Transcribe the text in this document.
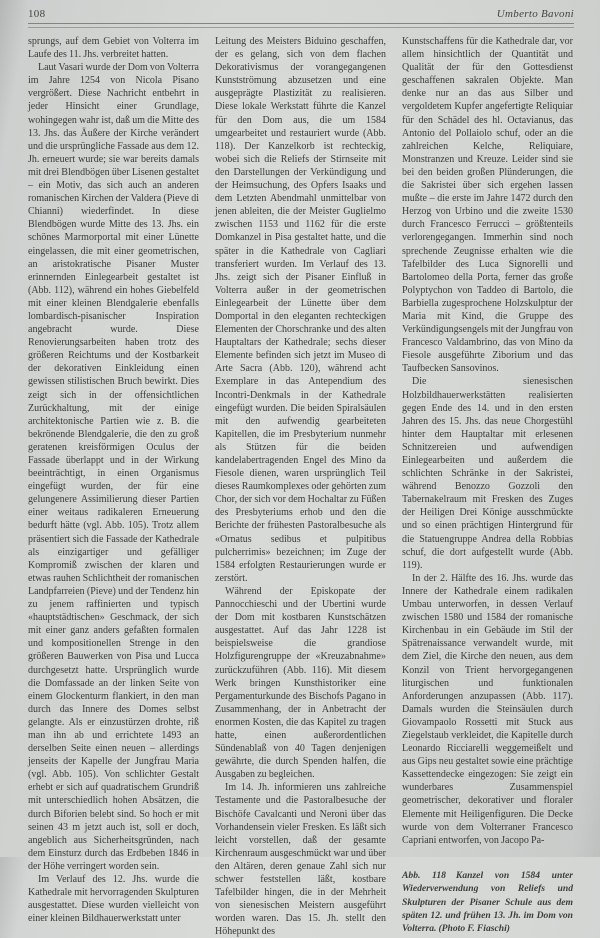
108	Umberto Bavoni

sprungs, auf dem Gebiet von Volterra im Laufe des 11. Jhs. verbreitet hatten.

Laut Vasari wurde der Dom von Volterra im Jahre 1254 von Nicola Pisano vergrößert. Diese Nachricht entbehrt in jeder Hinsicht einer Grundlage, wohingegen wahr ist, daß um die Mitte des 13. Jhs. das Äußere der Kirche verändert und die ursprüngliche Fassade aus dem 12. Jh. erneuert wurde; sie war bereits damals mit drei Blendbögen über Lisenen gestaltet – ein Motiv, das sich auch an anderen romanischen Kirchen der Valdera (Pieve di Chianni) wiederfindet. In diese Blendbögen wurde Mitte des 13. Jhs. ein schönes Marmorportal mit einer Lünette eingelassen, die mit einer geometrischen, an aristokratische Pisaner Muster erinnernden Einlegearbeit gestaltet ist (Abb. 112), während ein hohes Giebelfeld mit einer kleinen Blendgalerie ebenfalls lombardisch-pisanischer Inspiration angebracht wurde. Diese Renovierungsarbeiten haben trotz des größeren Reichtums und der Kostbarkeit der dekorativen Einkleidung einen gewissen stilistischen Bruch bewirkt. Dies zeigt sich in der offensichtlichen Zurückhaltung, mit der einige architektonische Partien wie z. B. die bekrönende Blendgalerie, die den zu groß geratenen kreisförmigen Oculus der Fassade überlappt und in der Wirkung beeinträchtigt, in einen Organismus eingefügt wurden, der für eine gelungenere Assimilierung dieser Partien einer weitaus radikaleren Erneuerung bedurft hätte (vgl. Abb. 105). Trotz allem präsentiert sich die Fassade der Kathedrale als einzigartiger und gefälliger Kompromiß zwischen der klaren und etwas rauhen Schlichtheit der romanischen Landpfarreien (Pieve) und der Tendenz hin zu jenem raffinierten und typisch «hauptstädtischen» Geschmack, der sich mit einer ganz anders gefaßten formalen und kompositionellen Strenge in den größeren Bauwerken von Pisa und Lucca durchgesetzt hatte. Ursprünglich wurde die Domfassade an der linken Seite von einem Glockenturm flankiert, in den man durch das Innere des Domes selbst gelangte. Als er einzustürzen drohte, riß man ihn ab und errichtete 1493 an derselben Seite einen neuen – allerdings jenseits der Kapelle der Jungfrau Maria (vgl. Abb. 105). Von schlichter Gestalt erhebt er sich auf quadratischem Grundriß mit unterschiedlich hohen Absätzen, die durch Biforien belebt sind. So hoch er mit seinen 43 m jetzt auch ist, soll er doch, angeblich aus Sicherheitsgründen, nach dem Einsturz durch das Erdbeben 1846 in der Höhe verringert worden sein.

Im Verlauf des 12. Jhs. wurde die Kathedrale mit hervorragenden Skulpturen ausgestattet. Diese wurden vielleicht von einer kleinen Bildhauerwerkstatt unter

Leitung des Meisters Biduino geschaffen, der es gelang, sich von dem flachen Dekorativismus der vorangegangenen Kunstströmung abzusetzen und eine ausgeprägte Plastizität zu realisieren. Diese lokale Werkstatt führte die Kanzel für den Dom aus, die um 1584 umgearbeitet und restauriert wurde (Abb. 118). Der Kanzelkorb ist rechteckig, wobei sich die Reliefs der Stirnseite mit den Darstellungen der Verkündigung und der Heimsuchung, des Opfers Isaaks und dem Letzten Abendmahl unmittelbar von jenen ableiten, die der Meister Guglielmo zwischen 1153 und 1162 für die erste Domkanzel in Pisa gestaltet hatte, und die später in die Kathedrale von Cagliari transferiert wurden. Im Verlauf des 13. Jhs. zeigt sich der Pisaner Einfluß in Volterra außer in der geometrischen Einlegearbeit der Lünette über dem Domportal in den eleganten rechteckigen Elementen der Chorschranke und des alten Hauptaltars der Kathedrale; sechs dieser Elemente befinden sich jetzt im Museo di Arte Sacra (Abb. 120), während acht Exemplare in das Antependium des Incontri-Denkmals in der Kathedrale eingefügt wurden. Die beiden Spiralsäulen mit den aufwendig gearbeiteten Kapitellen, die im Presbyterium nunmehr als Stützen für die beiden kandelabertragenden Engel des Mino da Fiesole dienen, waren ursprünglich Teil dieses Raumkomplexes oder gehörten zum Chor, der sich vor dem Hochaltar zu Füßen des Presbyteriums erhob und den die Berichte der frühesten Pastoralbesuche als «Ornatus sedibus et pulpitibus pulcherrimis» bezeichnen; im Zuge der 1584 erfolgten Restaurierungen wurde er zerstört.

Während der Episkopate der Pannocchieschi und der Ubertini wurde der Dom mit kostbaren Kunstschätzen ausgestattet. Auf das Jahr 1228 ist beispielsweise die grandiose Holzfigurengruppe der «Kreuzabnahme» zurückzuführen (Abb. 116). Mit diesem Werk bringen Kunsthistoriker eine Pergamenturkunde des Bischofs Pagano in Zusammenhang, der in Anbetracht der enormen Kosten, die das Kapitel zu tragen hatte, einen außerordentlichen Sündenablaß von 40 Tagen denjenigen gewährte, die durch Spenden halfen, die Ausgaben zu begleichen.

Im 14. Jh. informieren uns zahlreiche Testamente und die Pastoralbesuche der Bischöfe Cavalcanti und Neroni über das Vorhandensein vieler Fresken. Es läßt sich leicht vorstellen, daß der gesamte Kirchenraum ausgeschmückt war und über den Altären, deren genaue Zahl sich nur schwer feststellen läßt, kostbare Tafelbilder hingen, die in der Mehrheit von sienesischen Meistern ausgeführt worden waren. Das 15. Jh. stellt den Höhepunkt des

Kunstschaffens für die Kathedrale dar, vor allem hinsichtlich der Quantität und Qualität der für den Gottesdienst geschaffenen sakralen Objekte. Man denke nur an das aus Silber und vergoldetem Kupfer angefertigte Reliquiar für den Schädel des hl. Octavianus, das Antonio del Pollaiolo schuf, oder an die zahlreichen Kelche, Reliquiare, Monstranzen und Kreuze. Leider sind sie bei den beiden großen Plünderungen, die die Sakristei über sich ergehen lassen mußte – die erste im Jahre 1472 durch den Herzog von Urbino und die zweite 1530 durch Francesco Ferrucci – größtenteils verlorengegangen. Immerhin sind noch sprechende Zeugnisse erhalten wie die Tafelbilder des Luca Signorelli und Bartolomeo della Porta, ferner das große Polyptychon von Taddeo di Bartolo, die Barbiella zugesprochene Holzskulptur der Maria mit Kind, die Gruppe des Verkündigungsengels mit der Jungfrau von Francesco Valdambrino, das von Mino da Fiesole ausgeführte Ziborium und das Taufbecken Sansovinos.

Die sienesischen Holzbildhauerwerkstätten realisierten gegen Ende des 14. und in den ersten Jahren des 15. Jhs. das neue Chorgestühl hinter dem Hauptaltar mit erlesenen Schnitzereien und aufwendigen Einlegearbeiten und außerdem die schlichten Schränke in der Sakristei, während Benozzo Gozzoli den Tabernakelraum mit Fresken des Zuges der Heiligen Drei Könige ausschmückte und so einen prächtigen Hintergrund für die Statuengruppe Andrea della Robbias schuf, die dort aufgestellt wurde (Abb. 119).

In der 2. Hälfte des 16. Jhs. wurde das Innere der Kathedrale einem radikalen Umbau unterworfen, in dessen Verlauf zwischen 1580 und 1584 der romanische Kirchenbau in ein Gebäude im Stil der Spätrenaissance verwandelt wurde, mit dem Ziel, die Kirche den neuen, aus dem Konzil von Trient hervorgegangenen liturgischen und funktionalen Anforderungen anzupassen (Abb. 117). Damals wurden die Steinsäulen durch Giovampaolo Rossetti mit Stuck aus Ziegelstaub verkleidet, die Kapitelle durch Leonardo Ricciarelli weggemeißelt und aus Gips neu gestaltet sowie eine prächtige Kassettendecke eingezogen: Sie zeigt ein wunderbares Zusammenspiel geometrischer, dekorativer und floraler Elemente mit Heiligenfiguren. Die Decke wurde von dem Volterraner Francesco Capriani entworfen, von Jacopo Pa-

Abb. 118 Kanzel von 1584 unter Wiederverwendung von Reliefs und Skulpturen der Pisaner Schule aus dem späten 12. und frühen 13. Jh. im Dom von Volterra. (Photo F. Fiaschi)
